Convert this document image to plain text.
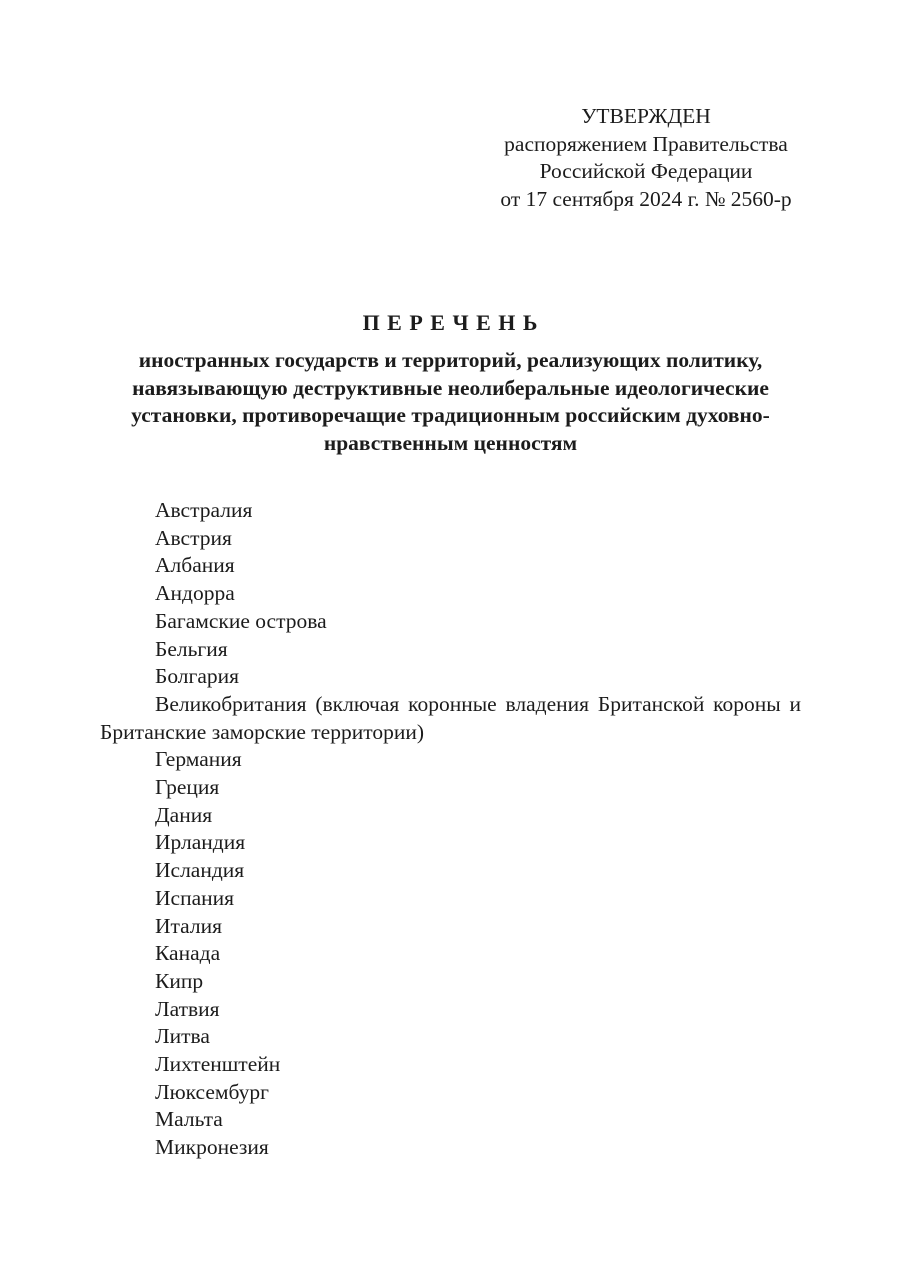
УТВЕРЖДЕН
распоряжением Правительства
Российской Федерации
от 17 сентября 2024 г. № 2560-р
П Е Р Е Ч Е Н Ь

иностранных государств и территорий, реализующих политику, навязывающую деструктивные неолиберальные идеологические установки, противоречащие традиционным российским духовно-нравственным ценностям

Австралия

Австрия

Албания

Андорра

Багамские острова

Бельгия

Болгария

Великобритания (включая коронные владения Британской короны и Британские заморские территории)

Германия

Греция

Дания

Ирландия

Исландия

Испания

Италия

Канада

Кипр

Латвия

Литва

Лихтенштейн

Люксембург

Мальта

Микронезия
